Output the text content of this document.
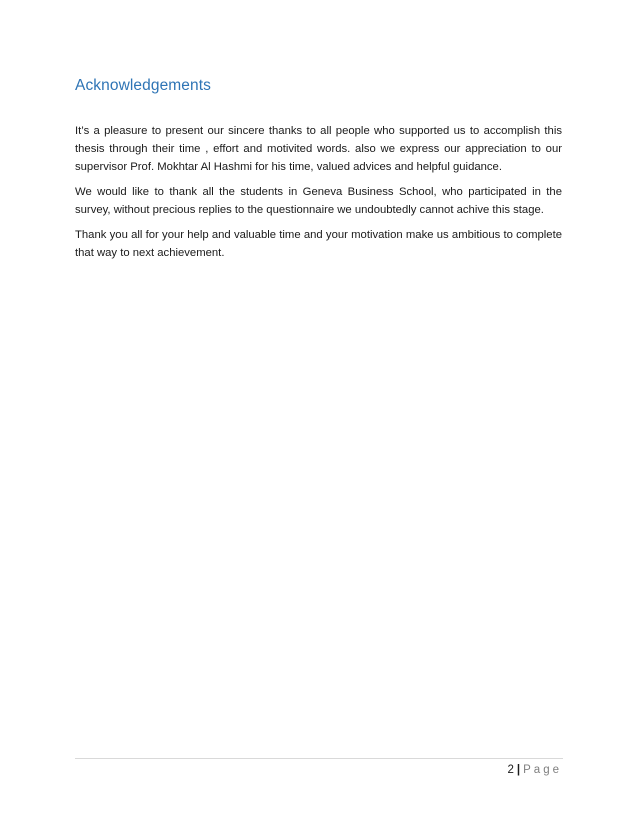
Acknowledgements

It’s a pleasure to present our sincere thanks to all people who supported us to accomplish this thesis through their time , effort and motivited words. also we express our appreciation to our supervisor Prof. Mokhtar Al Hashmi for his time, valued advices and helpful guidance.

We would like to thank all the students in Geneva Business School, who participated in the survey, without precious replies to the questionnaire we undoubtedly cannot achive this stage.

Thank you all for your help and valuable time and your motivation make us ambitious to complete that way to next achievement.

2 | Page
